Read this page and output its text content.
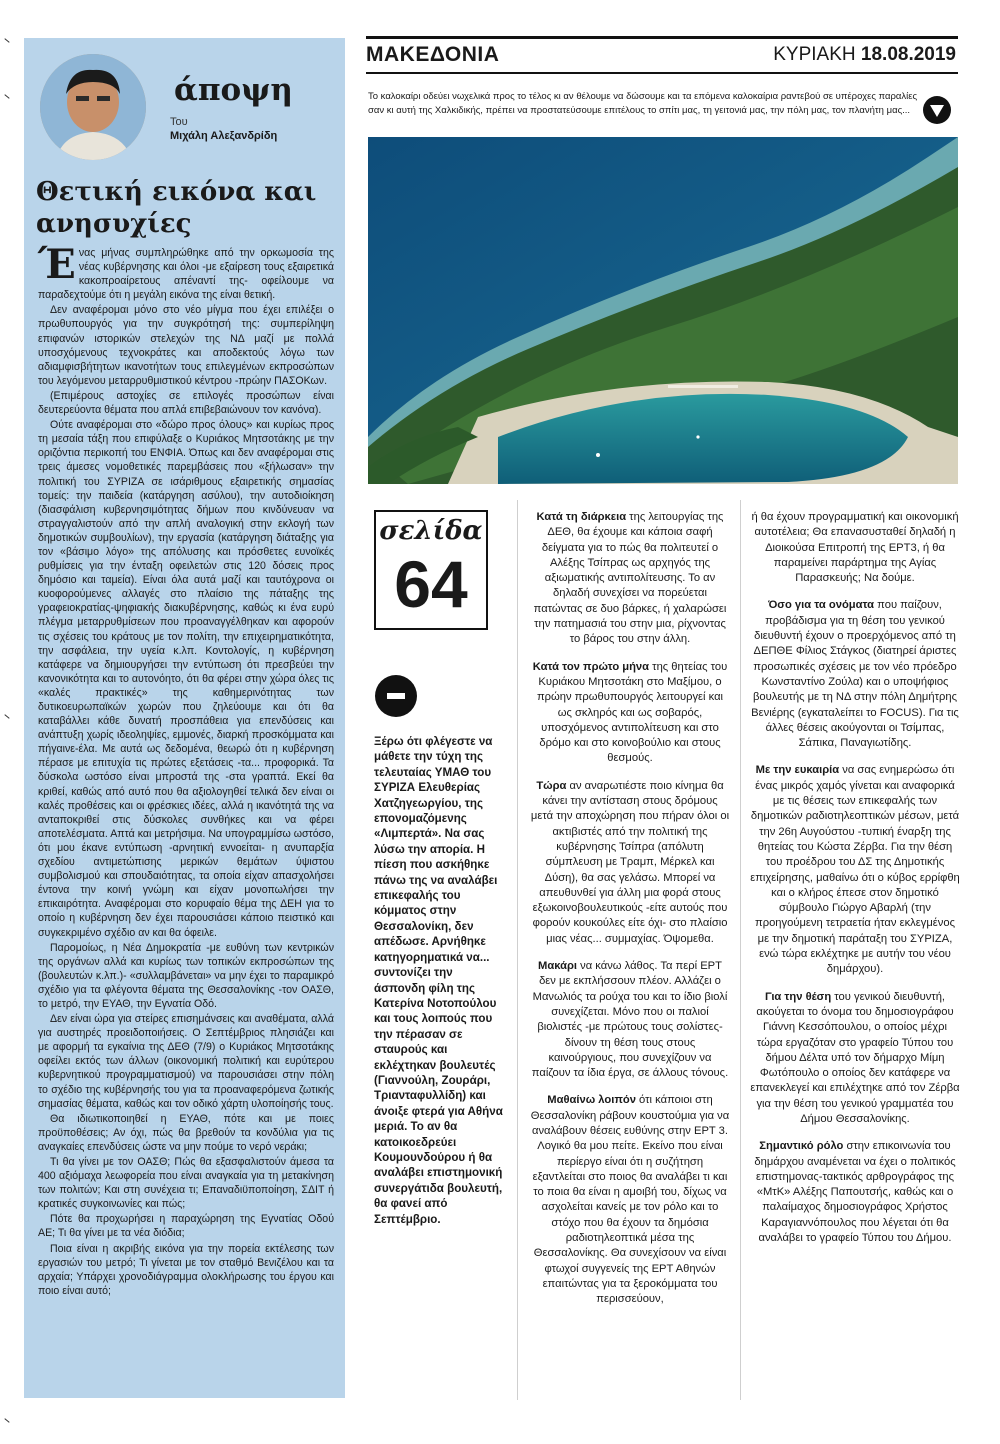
άποψη
Του
Μιχάλη Αλεξανδρίδη
Θετική εικόνα και ανησυχίες

Ένας μήνας συμπληρώθηκε από την ορκωμοσία της νέας κυβέρνησης και όλοι -με εξαίρεση τους εξαιρετικά κακοπροαίρετους απέναντί της- οφείλουμε να παραδεχτούμε ότι η μεγάλη εικόνα της είναι θετική.

Δεν αναφέρομαι μόνο στο νέο μίγμα που έχει επιλέξει ο πρωθυπουργός για την συγκρότησή της: συμπερίληψη επιφανών ιστορικών στελεχών της ΝΔ μαζί με πολλά υποσχόμενους τεχνοκράτες και αποδεκτούς λόγω των αδιαμφισβήτητων ικανοτήτων τους επιλεγμένων εκπροσώπων του λεγόμενου μεταρρυθμιστικού κέντρου -πρώην ΠΑΣΟΚων.

(Επιμέρους αστοχίες σε επιλογές προσώπων είναι δευτερεύοντα θέματα που απλά επιβεβαιώνουν τον κανόνα).

Ούτε αναφέρομαι στο «δώρο προς όλους» και κυρίως προς τη μεσαία τάξη που επιφύλαξε ο Κυριάκος Μητσοτάκης με την οριζόντια περικοπή του ΕΝΦΙΑ. Όπως και δεν αναφέρομαι στις τρεις άμεσες νομοθετικές παρεμβάσεις που «ξήλωσαν» την πολιτική του ΣΥΡΙΖΑ σε ισάριθμους εξαιρετικής σημασίας τομείς: την παιδεία (κατάργηση ασύλου), την αυτοδιοίκηση (διασφάλιση κυβερνησιμότητας δήμων που κινδύνευαν να στραγγαλιστούν από την απλή αναλογική στην εκλογή των δημοτικών συμβουλίων), την εργασία (κατάργηση διάταξης για τον «βάσιμο λόγο» της απόλυσης και πρόσθετες ευνοϊκές ρυθμίσεις για την ένταξη οφειλετών στις 120 δόσεις προς δημόσιο και ταμεία). Είναι όλα αυτά μαζί και ταυτόχρονα οι κυοφορούμενες αλλαγές στο πλαίσιο της πάταξης της γραφειοκρατίας-ψηφιακής διακυβέρνησης, καθώς κι ένα ευρύ πλέγμα μεταρρυθμίσεων που προαναγγέλθηκαν και αφορούν τις σχέσεις του κράτους με τον πολίτη, την επιχειρηματικότητα, την ασφάλεια, την υγεία κ.λπ. Κοντολογίς, η κυβέρνηση κατάφερε να δημιουργήσει την εντύπωση ότι πρεσβεύει την κανονικότητα και το αυτονόητο, ότι θα φέρει στην χώρα όλες τις «καλές πρακτικές» της καθημερινότητας των δυτικοευρωπαϊκών χωρών που ζηλεύουμε και ότι θα καταβάλλει κάθε δυνατή προσπάθεια για επενδύσεις και ανάπτυξη χωρίς ιδεοληψίες, εμμονές, διαρκή προσκόμματα και πήγαινε-έλα. Με αυτά ως δεδομένα, θεωρώ ότι η κυβέρνηση πέρασε με επιτυχία τις πρώτες εξετάσεις -τα... προφορικά. Τα δύσκολα ωστόσο είναι μπροστά της -στα γραπτά. Εκεί θα κριθεί, καθώς από αυτό που θα αξιολογηθεί τελικά δεν είναι οι καλές προθέσεις και οι φρέσκιες ιδέες, αλλά η ικανότητά της να ανταποκριθεί στις δύσκολες συνθήκες και να φέρει αποτελέσματα. Απτά και μετρήσιμα. Να υπογραμμίσω ωστόσο, ότι μου έκανε εντύπωση -αρνητική εννοείται- η ανυπαρξία σχεδίου αντιμετώπισης μερικών θεμάτων ύψιστου συμβολισμού και σπουδαιότητας, τα οποία είχαν απασχολήσει έντονα την κοινή γνώμη και είχαν μονοπωλήσει την επικαιρότητα. Αναφέρομαι στο κορυφαίο θέμα της ΔΕΗ για το οποίο η κυβέρνηση δεν έχει παρουσιάσει κάποιο πειστικό και συγκεκριμένο σχέδιο αν και θα όφειλε.

Παρομοίως, η Νέα Δημοκρατία -με ευθύνη των κεντρικών της οργάνων αλλά και κυρίως των τοπικών εκπροσώπων της (βουλευτών κ.λπ.)- «συλλαμβάνεται» να μην έχει το παραμικρό σχέδιο για τα φλέγοντα θέματα της Θεσσαλονίκης -τον ΟΑΣΘ, το μετρό, την ΕΥΑΘ, την Εγνατία Οδό.

Δεν είναι ώρα για στείρες επισημάνσεις και αναθέματα, αλλά για αυστηρές προειδοποιήσεις. Ο Σεπτέμβριος πλησιάζει και με αφορμή τα εγκαίνια της ΔΕΘ (7/9) ο Κυριάκος Μητσοτάκης οφείλει εκτός των άλλων (οικονομική πολιτική και ευρύτερου κυβερνητικού προγραμματισμού) να παρουσιάσει στην πόλη το σχέδιο της κυβέρνησής του για τα προαναφερόμενα ζωτικής σημασίας θέματα, καθώς και τον οδικό χάρτη υλοποίησής τους.

Θα ιδιωτικοποιηθεί η ΕΥΑΘ, πότε και με ποιες προϋποθέσεις; Αν όχι, πώς θα βρεθούν τα κονδύλια για τις αναγκαίες επενδύσεις ώστε να μην πούμε το νερό νεράκι;

Τι θα γίνει με τον ΟΑΣΘ; Πώς θα εξασφαλιστούν άμεσα τα 400 αξιόμαχα λεωφορεία που είναι αναγκαία για τη μετακίνηση των πολιτών; Και στη συνέχεια τι; Επαναδιϋποποίηση, ΣΔΙΤ ή κρατικές συγκοινωνίες και πώς;

Πότε θα προχωρήσει η παραχώρηση της Εγνατίας Οδού ΑΕ; Τι θα γίνει με τα νέα διόδια;

Ποια είναι η ακριβής εικόνα για την πορεία εκτέλεσης των εργασιών του μετρό; Τι γίνεται με τον σταθμό Βενιζέλου και τα αρχαία; Υπάρχει χρονοδιάγραμμα ολοκλήρωσης του έργου και ποιο είναι αυτό;

ΜΑΚΕΔΟΝΙΑ	ΚΥΡΙΑΚΗ 18.08.2019
Το καλοκαίρι οδεύει νωχελικά προς το τέλος κι αν θέλουμε να δώσουμε και τα επόμενα καλοκαίρια ραντεβού σε υπέροχες παραλίες σαν κι αυτή της Χαλκιδικής, πρέπει να προστατεύσουμε επιτέλους το σπίτι μας, τη γειτονιά μας, την πόλη μας, τον πλανήτη μας...
σελίδα
64
Ξέρω ότι φλέγεστε να μάθετε την τύχη της τελευταίας ΥΜΑΘ του ΣΥΡΙΖΑ Ελευθερίας Χατζηγεωργίου, της επονομαζόμενης «Λιμπερτά». Να σας λύσω την απορία. Η πίεση που ασκήθηκε πάνω της να αναλάβει επικεφαλής του κόμματος στην Θεσσαλονίκη, δεν απέδωσε. Αρνήθηκε κατηγορηματικά να... συντονίζει την άσπονδη φίλη της Κατερίνα Νοτοπούλου και τους λοιπούς που την πέρασαν σε σταυρούς και εκλέχτηκαν βουλευτές (Γιαννούλη, Ζουράρι, Τριανταφυλλίδη) και άνοιξε φτερά για Αθήνα μεριά. Το αν θα κατοικοεδρεύει Κουμουνδούρου ή θα αναλάβει επιστημονική συνεργάτιδα βουλευτή, θα φανεί από Σεπτέμβριο.

Κατά τη διάρκεια της λειτουργίας της ΔΕΘ, θα έχουμε και κάποια σαφή δείγματα για το πώς θα πολιτευτεί ο Αλέξης Τσίπρας ως αρχηγός της αξιωματικής αντιπολίτευσης. Το αν δηλαδή συνεχίσει να πορεύεται πατώντας σε δυο βάρκες, ή χαλαρώσει την πατημασιά του στην μια, ρίχνοντας το βάρος του στην άλλη.

Κατά τον πρώτο μήνα της θητείας του Κυριάκου Μητσοτάκη στο Μαξίμου, ο πρώην πρωθυπουργός λειτουργεί και ως σκληρός και ως σοβαρός, υποσχόμενος αντιπολίτευση και στο δρόμο και στο κοινοβούλιο και στους θεσμούς.

Τώρα αν αναρωτιέστε ποιο κίνημα θα κάνει την αντίσταση στους δρόμους μετά την αποχώρηση που πήραν όλοι οι ακτιβιστές από την πολιτική της κυβέρνησης Τσίπρα (απόλυτη σύμπλευση με Τραμπ, Μέρκελ και Δύση), θα σας γελάσω. Μπορεί να απευθυνθεί για άλλη μια φορά στους εξωκοινοβουλευτικούς -είτε αυτούς που φορούν κουκούλες είτε όχι- στο πλαίσιο μιας νέας... συμμαχίας. Όψομεθα.

Μακάρι να κάνω λάθος. Τα περί ΕΡΤ δεν με εκπλήσσουν πλέον. Αλλάζει ο Μανωλιός τα ρούχα του και το ίδιο βιολί συνεχίζεται. Μόνο που οι παλιοί βιολιστές -με πρώτους τους σολίστες- δίνουν τη θέση τους στους καινούργιους, που συνεχίζουν να παίζουν τα ίδια έργα, σε άλλους τόνους.

Μαθαίνω λοιπόν ότι κάποιοι στη Θεσσαλονίκη ράβουν κουστούμια για να αναλάβουν θέσεις ευθύνης στην ΕΡΤ 3. Λογικό θα μου πείτε. Εκείνο που είναι περίεργο είναι ότι η συζήτηση εξαντλείται στο ποιος θα αναλάβει τι και το ποια θα είναι η αμοιβή του, δίχως να ασχολείται κανείς με τον ρόλο και το στόχο που θα έχουν τα δημόσια ραδιοτηλεοπτικά μέσα της Θεσσαλονίκης. Θα συνεχίσουν να είναι φτωχοί συγγενείς της ΕΡΤ Αθηνών επαιτώντας για τα ξεροκόμματα του περισσεύουν,

ή θα έχουν προγραμματική και οικονομική αυτοτέλεια; Θα επανασυσταθεί δηλαδή η Διοικούσα Επιτροπή της ΕΡΤ3, ή θα παραμείνει παράρτημα της Αγίας Παρασκευής; Να δούμε.

Όσο για τα ονόματα που παίζουν, προβάδισμα για τη θέση του γενικού διευθυντή έχουν ο προερχόμενος από τη ΔΕΠΘΕ Φίλιος Στάγκος (διατηρεί άριστες προσωπικές σχέσεις με τον νέο πρόεδρο Κωνσταντίνο Ζούλα) και ο υποψήφιος βουλευτής με τη ΝΔ στην πόλη Δημήτρης Βενιέρης (εγκαταλείπει το FOCUS). Για τις άλλες θέσεις ακούγονται οι Τσίμπας, Σάπικα, Παναγιωτίδης.

Με την ευκαιρία να σας ενημερώσω ότι ένας μικρός χαμός γίνεται και αναφορικά με τις θέσεις των επικεφαλής των δημοτικών ραδιοτηλεοπτικών μέσων, μετά την 26η Αυγούστου -τυπική έναρξη της θητείας του Κώστα Ζέρβα. Για την θέση του προέδρου του ΔΣ της Δημοτικής επιχείρησης, μαθαίνω ότι ο κύβος ερρίφθη και ο κλήρος έπεσε στον δημοτικό σύμβουλο Γιώργο Αβαρλή (την προηγούμενη τετραετία ήταν εκλεγμένος με την δημοτική παράταξη του ΣΥΡΙΖΑ, ενώ τώρα εκλέχτηκε με αυτήν του νέου δημάρχου).

Για την θέση του γενικού διευθυντή, ακούγεται το όνομα του δημοσιογράφου Γιάννη Κεσσόπουλου, ο οποίος μέχρι τώρα εργαζόταν στο γραφείο Τύπου του δήμου Δέλτα υπό τον δήμαρχο Μίμη Φωτόπουλο ο οποίος δεν κατάφερε να επανεκλεγεί και επιλέχτηκε από τον Ζέρβα για την θέση του γενικού γραμματέα του Δήμου Θεσσαλονίκης.

Σημαντικό ρόλο στην επικοινωνία του δημάρχου αναμένεται να έχει ο πολιτικός επιστημονας-τακτικός αρθρογράφος της «ΜτΚ» Αλέξης Παπουτσής, καθώς και ο παλαίμαχος δημοσιογράφος Χρήστος Καραγιαννόπουλος που λέγεται ότι θα αναλάβει το γραφείο Τύπου του Δήμου.
